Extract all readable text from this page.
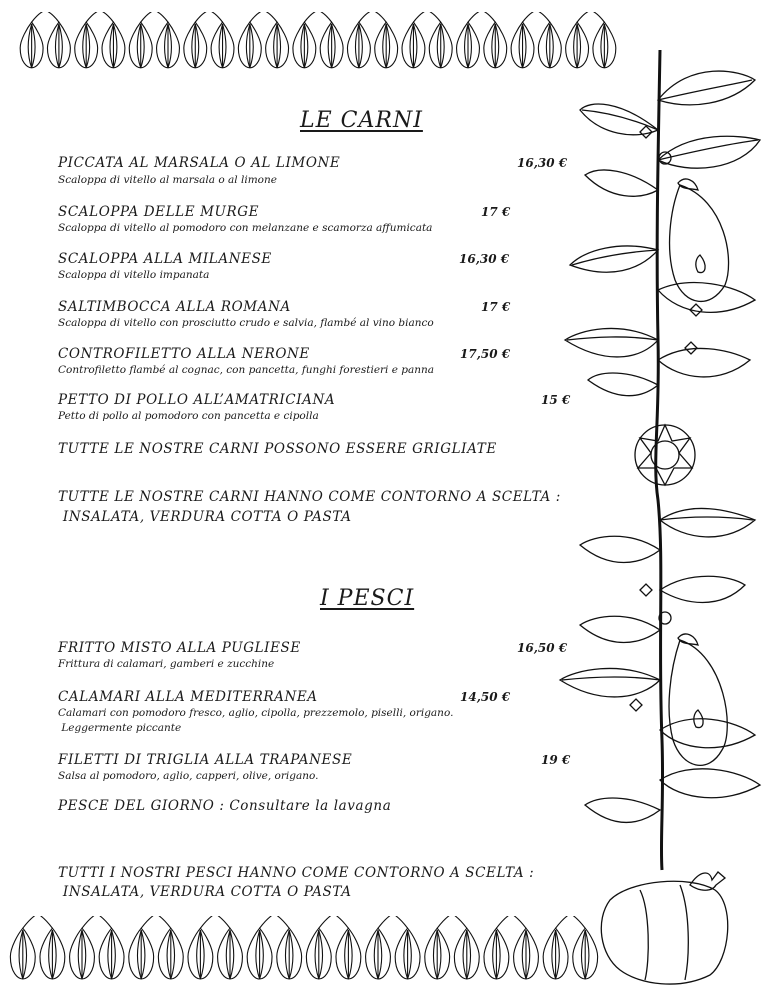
LE CARNI
PICCATA AL MARSALA O AL LIMONE	16,30 €
Scaloppa di vitello al marsala o al limone
SCALOPPA DELLE MURGE	17 €
Scaloppa di vitello al pomodoro con melanzane e scamorza affumicata
SCALOPPA ALLA MILANESE	16,30 €
Scaloppa di vitello impanata
SALTIMBOCCA ALLA ROMANA	17 €
Scaloppa di vitello con prosciutto crudo e salvia, flambé al vino bianco
CONTROFILETTO ALLA NERONE	17,50 €
Controfiletto flambé al cognac, con pancetta, funghi forestieri e panna
PETTO DI POLLO ALL’AMATRICIANA	15 €
Petto di pollo al pomodoro con pancetta e cipolla
TUTTE LE NOSTRE CARNI POSSONO ESSERE GRIGLIATE
TUTTE LE NOSTRE CARNI HANNO COME CONTORNO A SCELTA :
INSALATA, VERDURA COTTA O PASTA
I PESCI
FRITTO MISTO ALLA PUGLIESE	16,50 €
Frittura di calamari, gamberi e zucchine
CALAMARI ALLA MEDITERRANEA	14,50 €
Calamari con pomodoro fresco, aglio, cipolla, prezzemolo, piselli, origano.
Leggermente piccante
FILETTI DI TRIGLIA ALLA TRAPANESE	19 €
Salsa al pomodoro, aglio, capperi, olive, origano.
PESCE DEL GIORNO : Consultare la lavagna
TUTTI I NOSTRI PESCI HANNO COME CONTORNO A SCELTA :
INSALATA, VERDURA COTTA O PASTA
